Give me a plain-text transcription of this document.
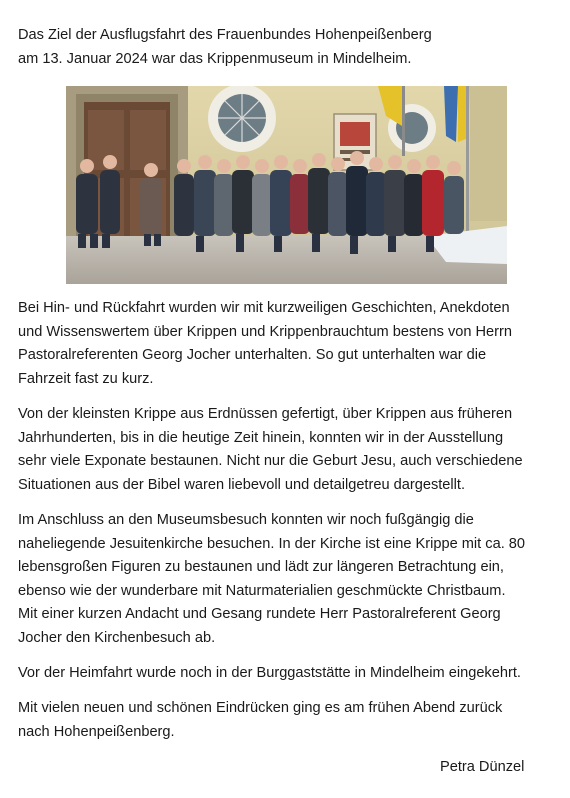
Das Ziel der Ausflugsfahrt des Frauenbundes Hohenpeißenberg
am 13. Januar 2024 war das Krippenmuseum in Mindelheim.

Bei Hin- und Rückfahrt wurden wir mit kurzweiligen Geschichten, Anekdoten
und Wissenswertem über Krippen und Krippenbrauchtum bestens von Herrn
Pastoralreferenten Georg Jocher unterhalten. So gut unterhalten war die
Fahrzeit fast zu kurz.

Von der kleinsten Krippe aus Erdnüssen gefertigt, über Krippen aus früheren
Jahrhunderten, bis in die heutige Zeit hinein, konnten wir in der Ausstellung
sehr viele Exponate bestaunen. Nicht nur die Geburt Jesu, auch verschiedene
Situationen aus der Bibel waren liebevoll und detailgetreu dargestellt.

Im Anschluss an den Museumsbesuch konnten wir noch fußgängig die
naheliegende Jesuitenkirche besuchen. In der Kirche ist eine Krippe mit ca. 80
lebensgroßen Figuren zu bestaunen und lädt zur längeren Betrachtung ein,
ebenso wie der wunderbare mit Naturmaterialien geschmückte Christbaum.
Mit einer kurzen Andacht und Gesang rundete Herr Pastoralreferent Georg
Jocher den Kirchenbesuch ab.

Vor der Heimfahrt wurde noch in der Burggaststätte in Mindelheim eingekehrt.

Mit vielen neuen und schönen Eindrücken ging es am frühen Abend zurück
nach Hohenpeißenberg.

Petra Dünzel
